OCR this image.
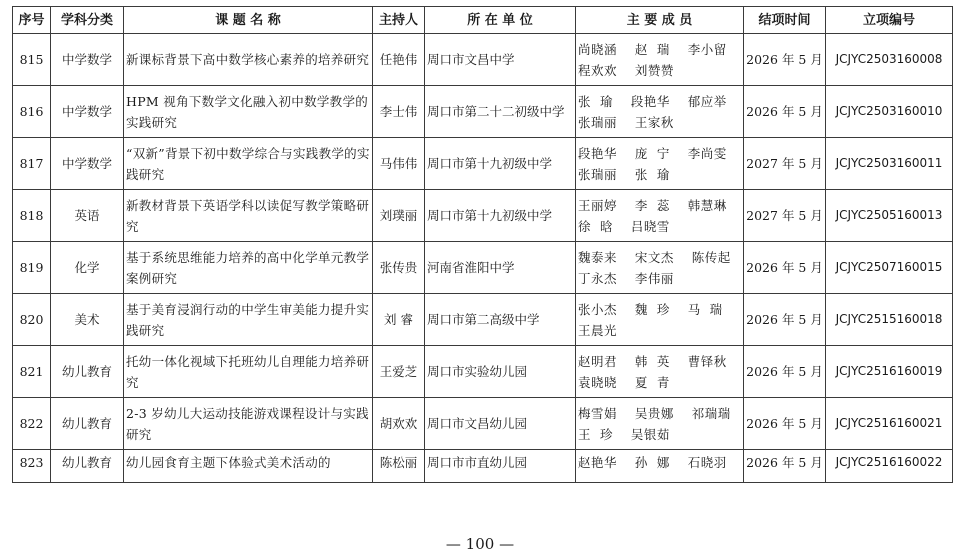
序号	学科分类	课 题 名 称	主持人	所 在 单 位	主 要 成 员	结项时间	立项编号
815	中学数学	新课标背景下高中数学核心素养的培养研究	任艳伟	周口市文昌中学	尚晓涵    赵  瑞    李小留
程欢欢    刘赞赞	2026 年 5 月	JCJYC2503160008
816	中学数学	HPM 视角下数学文化融入初中数学教学的实践研究	李士伟	周口市第二十二初级中学	张  瑜    段艳华    郁应举
张瑞丽    王家秋	2026 年 5 月	JCJYC2503160010
817	中学数学	“双新”背景下初中数学综合与实践教学的实践研究	马伟伟	周口市第十九初级中学	段艳华    庞  宁    李尚雯
张瑞丽    张  瑜	2027 年 5 月	JCJYC2503160011
818	英语	新教材背景下英语学科以读促写教学策略研究	刘璞丽	周口市第十九初级中学	王丽婷    李  蕊    韩慧琳
徐  晗    吕晓雪	2027 年 5 月	JCJYC2505160013
819	化学	基于系统思维能力培养的高中化学单元教学案例研究	张传贵	河南省淮阳中学	魏泰来    宋文杰    陈传起
丁永杰    李伟丽	2026 年 5 月	JCJYC2507160015
820	美术	基于美育浸润行动的中学生审美能力提升实践研究	刘 睿	周口市第二高级中学	张小杰    魏  珍    马  瑞
王晨光	2026 年 5 月	JCJYC2515160018
821	幼儿教育	托幼一体化视域下托班幼儿自理能力培养研究	王爱芝	周口市实验幼儿园	赵明君    韩  英    曹铎秋
袁晓晓    夏  青	2026 年 5 月	JCJYC2516160019
822	幼儿教育	2-3 岁幼儿大运动技能游戏课程设计与实践研究	胡欢欢	周口市文昌幼儿园	梅雪娟    吴贵娜    祁瑞瑞
王  珍    吴银茹	2026 年 5 月	JCJYC2516160021
823	幼儿教育	幼儿园食育主题下体验式美术活动的	陈松丽	周口市市直幼儿园	赵艳华    孙  娜    石晓羽	2026 年 5 月	JCJYC2516160022
— 100 —
